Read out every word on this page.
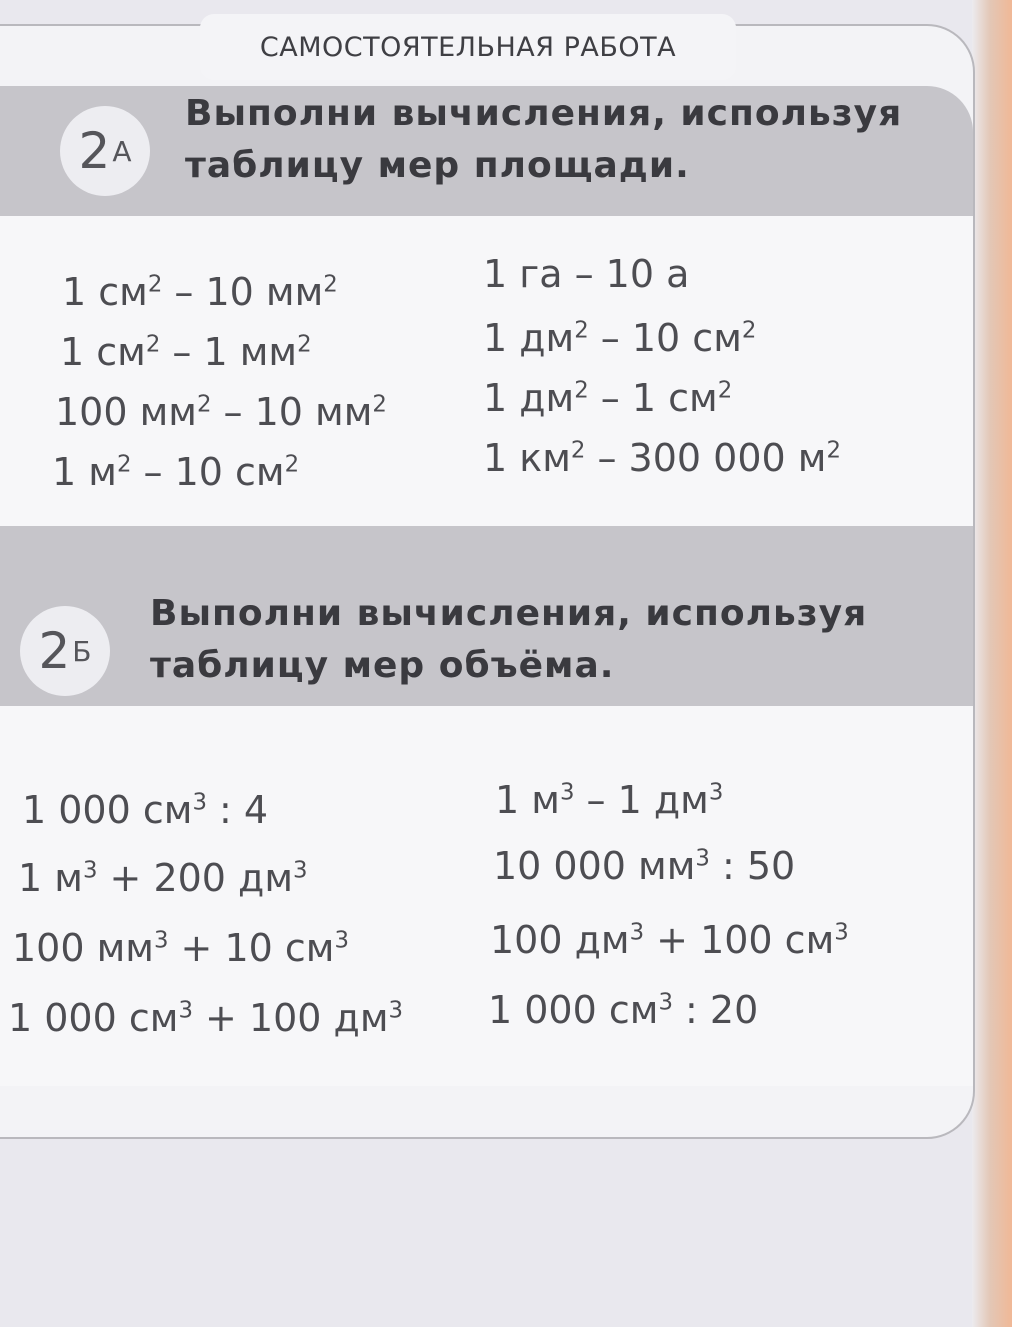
2 А
Выполни вычисления, используя
таблицу мер площади.
1 $см^2 - 10$ $мм^2$
1 $см^2 - 1$ $мм^2$
100 $мм^2 - 10$ $мм^2$
1 $м^2 - 10$ $см^2$
1 га – 10 а
1 $дм^2 - 10$ $см^2$
1 $дм^2 - 1$ $см^2$
1 $км^2 - 300$ 000 $м^2$
2 Б
Выполни вычисления, используя
таблицу мер объёма.
1 000 $см^3$ : 4
1 $м^3 + 200$ $дм^3$
100 $мм^3 + 10$ $см^3$
1 000 $см^3 + 100$ $дм^3$
1 $м^3 - 1$ $дм^3$
10 000 $мм^3$ : 50
100 $дм^3 + 100$ $см^3$
1 000 $см^3$ : 20
САМОСТОЯТЕЛЬНАЯ РАБОТА
